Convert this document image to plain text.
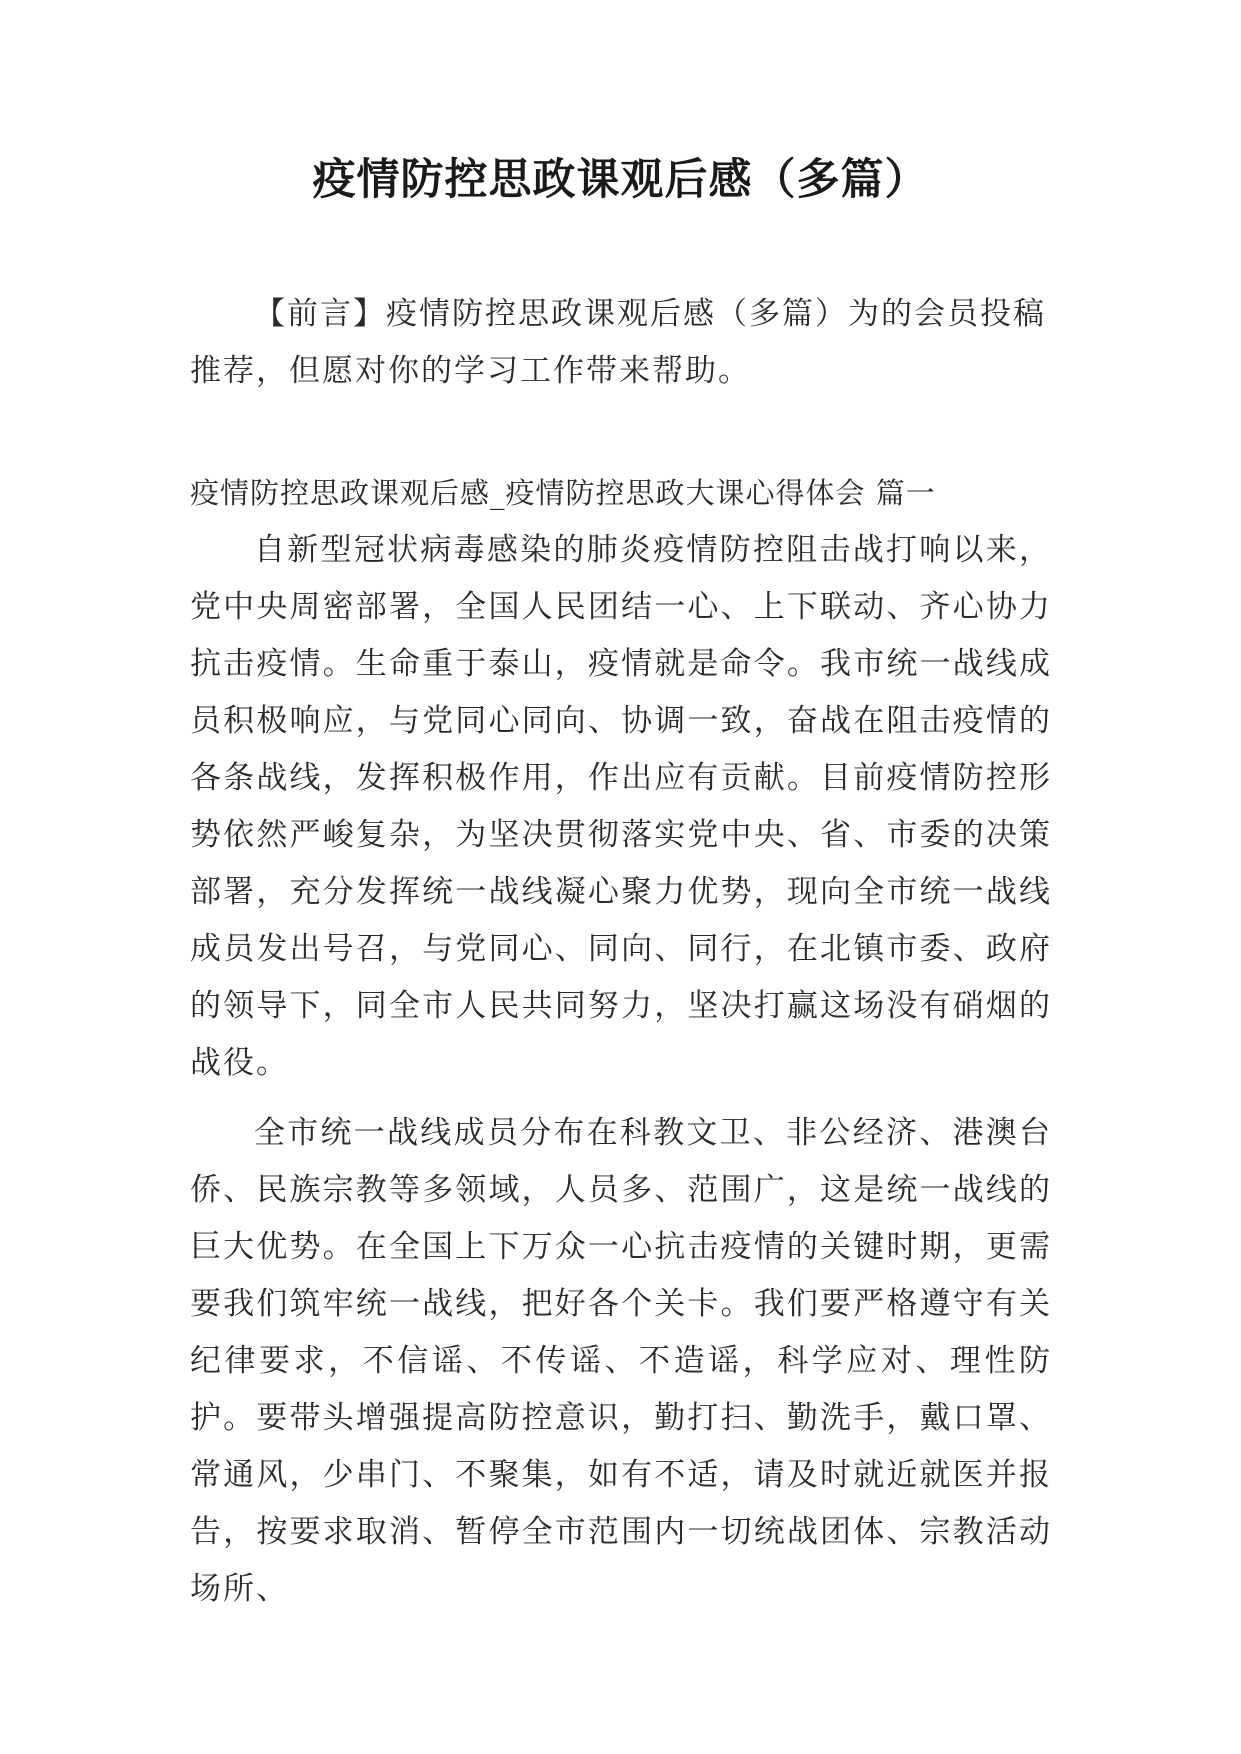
疫情防控思政课观后感（多篇）

【前言】疫情防控思政课观后感（多篇）为的会员投稿推荐，但愿对你的学习工作带来帮助。

疫情防控思政课观后感_疫情防控思政大课心得体会 篇一

自新型冠状病毒感染的肺炎疫情防控阻击战打响以来，党中央周密部署，全国人民团结一心、上下联动、齐心协力抗击疫情。生命重于泰山，疫情就是命令。我市统一战线成员积极响应，与党同心同向、协调一致，奋战在阻击疫情的各条战线，发挥积极作用，作出应有贡献。目前疫情防控形势依然严峻复杂，为坚决贯彻落实党中央、省、市委的决策部署，充分发挥统一战线凝心聚力优势，现向全市统一战线成员发出号召，与党同心、同向、同行，在北镇市委、政府的领导下，同全市人民共同努力，坚决打赢这场没有硝烟的战役。

全市统一战线成员分布在科教文卫、非公经济、港澳台侨、民族宗教等多领域，人员多、范围广，这是统一战线的巨大优势。在全国上下万众一心抗击疫情的关键时期，更需要我们筑牢统一战线，把好各个关卡。我们要严格遵守有关纪律要求，不信谣、不传谣、不造谣，科学应对、理性防护。要带头增强提高防控意识，勤打扫、勤洗手，戴口罩、常通风，少串门、不聚集，如有不适，请及时就近就医并报告，按要求取消、暂停全市范围内一切统战团体、宗教活动场所、
